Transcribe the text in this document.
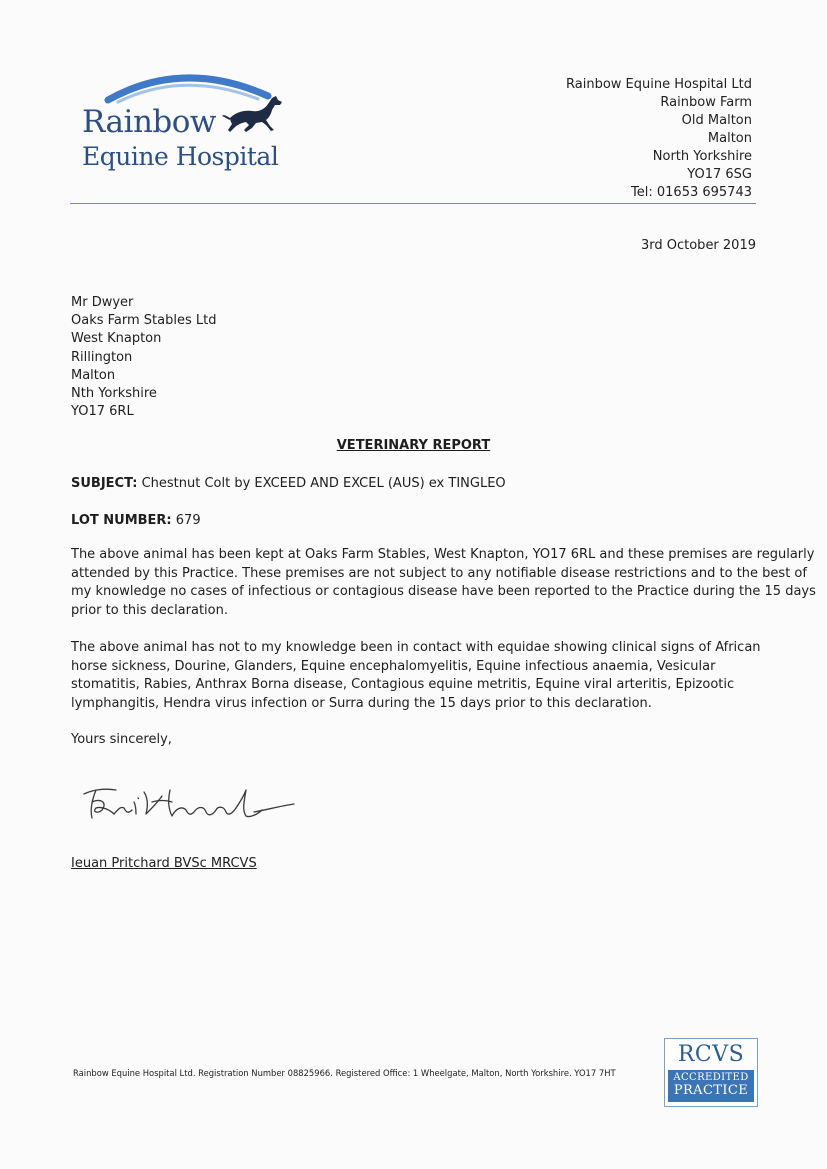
Rainbow
Equine Hospital
Rainbow Equine Hospital Ltd
Rainbow Farm
Old Malton
Malton
North Yorkshire
YO17 6SG
Tel: 01653 695743
3rd October 2019
Mr Dwyer
Oaks Farm Stables Ltd
West Knapton
Rillington
Malton
Nth Yorkshire
YO17 6RL
VETERINARY REPORT
SUBJECT: Chestnut Colt by EXCEED AND EXCEL (AUS) ex TINGLEO
LOT NUMBER: 679
The above animal has been kept at Oaks Farm Stables, West Knapton, YO17 6RL and these premises are regularly
attended by this Practice. These premises are not subject to any notifiable disease restrictions and to the best of
my knowledge no cases of infectious or contagious disease have been reported to the Practice during the 15 days
prior to this declaration.
The above animal has not to my knowledge been in contact with equidae showing clinical signs of African
horse sickness, Dourine, Glanders, Equine encephalomyelitis, Equine infectious anaemia, Vesicular
stomatitis, Rabies, Anthrax Borna disease, Contagious equine metritis, Equine viral arteritis, Epizootic
lymphangitis, Hendra virus infection or Surra during the 15 days prior to this declaration.
Yours sincerely,
Ieuan Pritchard BVSc MRCVS
Rainbow Equine Hospital Ltd. Registration Number 08825966. Registered Office: 1 Wheelgate, Malton, North Yorkshire. YO17 7HT
RCVS
ACCREDITED
PRACTICE
